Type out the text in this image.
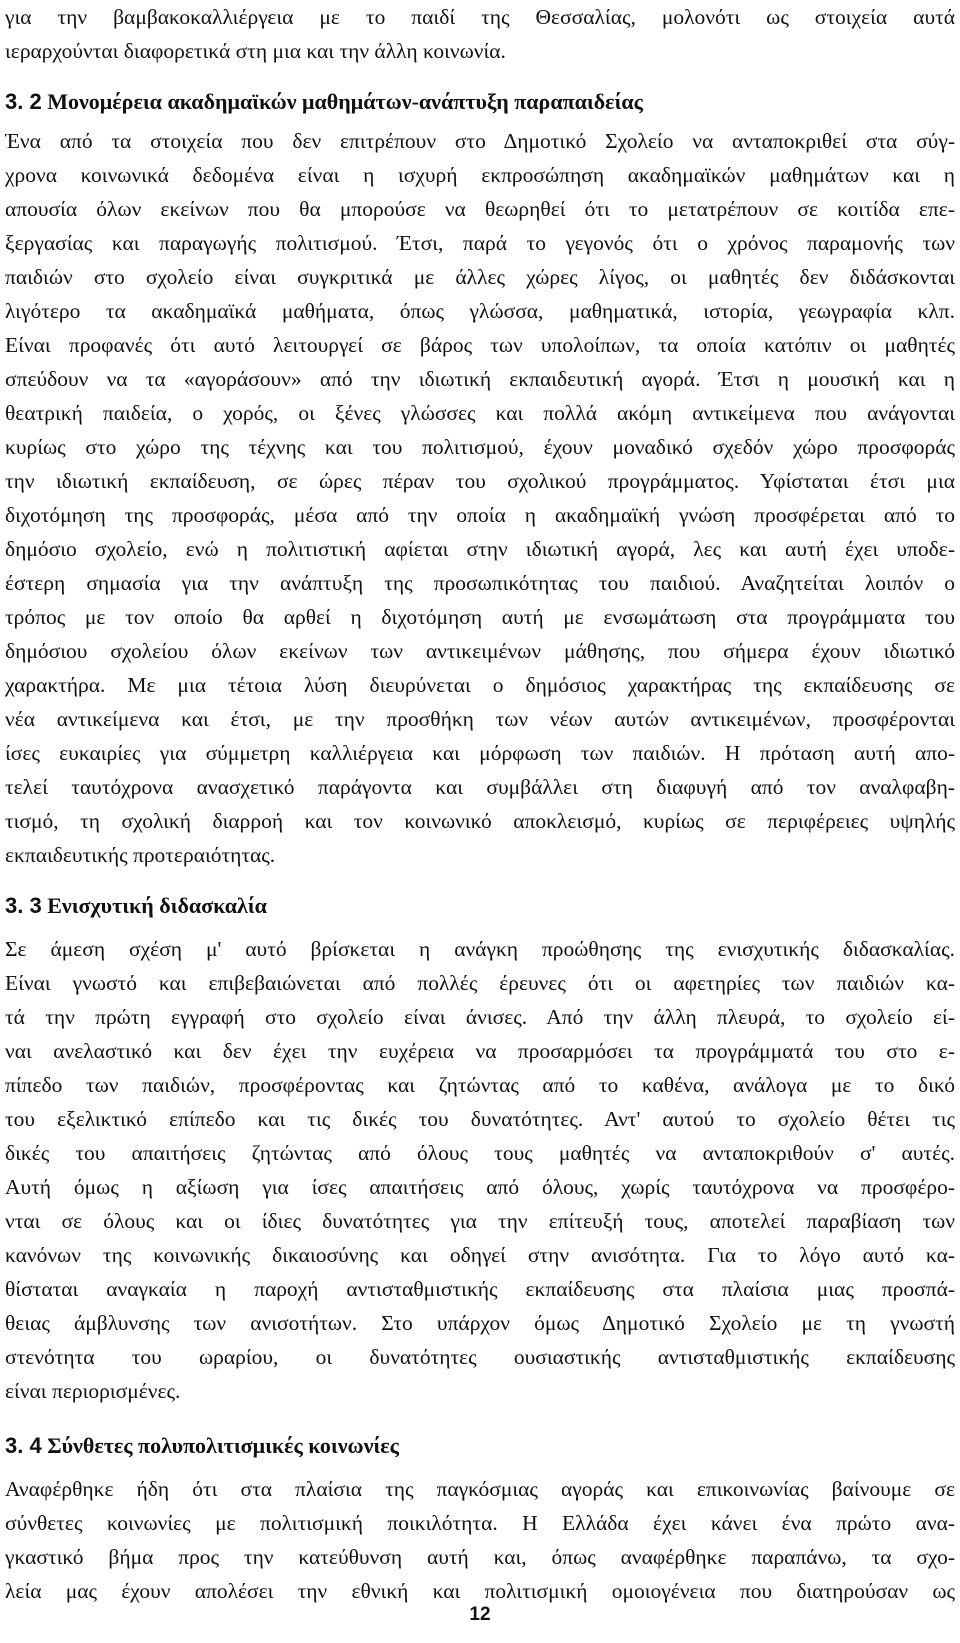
για την βαμβακοκαλλιέργεια με το παιδί της Θεσσαλίας, μολονότι ως στοιχεία αυτά
ιεραρχούνται διαφορετικά στη μια και την άλλη κοινωνία.
3. 2 Μονομέρεια ακαδημαϊκών μαθημάτων-ανάπτυξη παραπαιδείας
Ένα από τα στοιχεία που δεν επιτρέπουν στο Δημοτικό Σχολείο να ανταποκριθεί στα σύγ-
χρονα κοινωνικά δεδομένα είναι η ισχυρή εκπροσώπηση ακαδημαϊκών μαθημάτων και η
απουσία όλων εκείνων που θα μπορούσε να θεωρηθεί ότι το μετατρέπουν σε κοιτίδα επε-
ξεργασίας και παραγωγής πολιτισμού. Έτσι, παρά το γεγονός ότι ο χρόνος παραμονής των
παιδιών στο σχολείο είναι συγκριτικά με άλλες χώρες λίγος, οι μαθητές δεν διδάσκονται
λιγότερο τα ακαδημαϊκά μαθήματα, όπως γλώσσα, μαθηματικά, ιστορία, γεωγραφία κλπ.
Είναι προφανές ότι αυτό λειτουργεί σε βάρος των υπολοίπων, τα οποία κατόπιν οι μαθητές
σπεύδουν να τα «αγοράσουν» από την ιδιωτική εκπαιδευτική αγορά. Έτσι η μουσική και η
θεατρική παιδεία, ο χορός, οι ξένες γλώσσες και πολλά ακόμη αντικείμενα που ανάγονται
κυρίως στο χώρο της τέχνης και του πολιτισμού, έχουν μοναδικό σχεδόν χώρο προσφοράς
την ιδιωτική εκπαίδευση, σε ώρες πέραν του σχολικού προγράμματος. Υφίσταται έτσι μια
διχοτόμηση της προσφοράς, μέσα από την οποία η ακαδημαϊκή γνώση προσφέρεται από το
δημόσιο σχολείο, ενώ η πολιτιστική αφίεται στην ιδιωτική αγορά, λες και αυτή έχει υποδε-
έστερη σημασία για την ανάπτυξη της προσωπικότητας του παιδιού. Αναζητείται λοιπόν ο
τρόπος με τον οποίο θα αρθεί η διχοτόμηση αυτή με ενσωμάτωση στα προγράμματα του
δημόσιου σχολείου όλων εκείνων των αντικειμένων μάθησης, που σήμερα έχουν ιδιωτικό
χαρακτήρα. Με μια τέτοια λύση διευρύνεται ο δημόσιος χαρακτήρας της εκπαίδευσης σε
νέα αντικείμενα και έτσι, με την προσθήκη των νέων αυτών αντικειμένων, προσφέρονται
ίσες ευκαιρίες για σύμμετρη καλλιέργεια και μόρφωση των παιδιών. Η πρόταση αυτή απο-
τελεί ταυτόχρονα ανασχετικό παράγοντα και συμβάλλει στη διαφυγή από τον αναλφαβη-
τισμό, τη σχολική διαρροή και τον κοινωνικό αποκλεισμό, κυρίως σε περιφέρειες υψηλής
εκπαιδευτικής προτεραιότητας.
3. 3 Ενισχυτική διδασκαλία
Σε άμεση σχέση μ' αυτό βρίσκεται η ανάγκη προώθησης της ενισχυτικής διδασκαλίας.
Είναι γνωστό και επιβεβαιώνεται από πολλές έρευνες ότι οι αφετηρίες των παιδιών κα-
τά την πρώτη εγγραφή στο σχολείο είναι άνισες. Από την άλλη πλευρά, το σχολείο εί-
ναι ανελαστικό και δεν έχει την ευχέρεια να προσαρμόσει τα προγράμματά του στο ε-
πίπεδο των παιδιών, προσφέροντας και ζητώντας από το καθένα, ανάλογα με το δικό
του εξελικτικό επίπεδο και τις δικές του δυνατότητες. Αντ' αυτού το σχολείο θέτει τις
δικές του απαιτήσεις ζητώντας από όλους τους μαθητές να ανταποκριθούν σ' αυτές.
Αυτή όμως η αξίωση για ίσες απαιτήσεις από όλους, χωρίς ταυτόχρονα να προσφέρο-
νται σε όλους και οι ίδιες δυνατότητες για την επίτευξή τους, αποτελεί παραβίαση των
κανόνων της κοινωνικής δικαιοσύνης και οδηγεί στην ανισότητα. Για το λόγο αυτό κα-
θίσταται αναγκαία η παροχή αντισταθμιστικής εκπαίδευσης στα πλαίσια μιας προσπά-
θειας άμβλυνσης των ανισοτήτων. Στο υπάρχον όμως Δημοτικό Σχολείο με τη γνωστή
στενότητα του ωραρίου, οι δυνατότητες ουσιαστικής αντισταθμιστικής εκπαίδευσης
είναι περιορισμένες.
3. 4 Σύνθετες πολυπολιτισμικές κοινωνίες
Αναφέρθηκε ήδη ότι στα πλαίσια της παγκόσμιας αγοράς και επικοινωνίας βαίνουμε σε
σύνθετες κοινωνίες με πολιτισμική ποικιλότητα. Η Ελλάδα έχει κάνει ένα πρώτο ανα-
γκαστικό βήμα προς την κατεύθυνση αυτή και, όπως αναφέρθηκε παραπάνω, τα σχο-
λεία μας έχουν απολέσει την εθνική και πολιτισμική ομοιογένεια που διατηρούσαν ως
12
